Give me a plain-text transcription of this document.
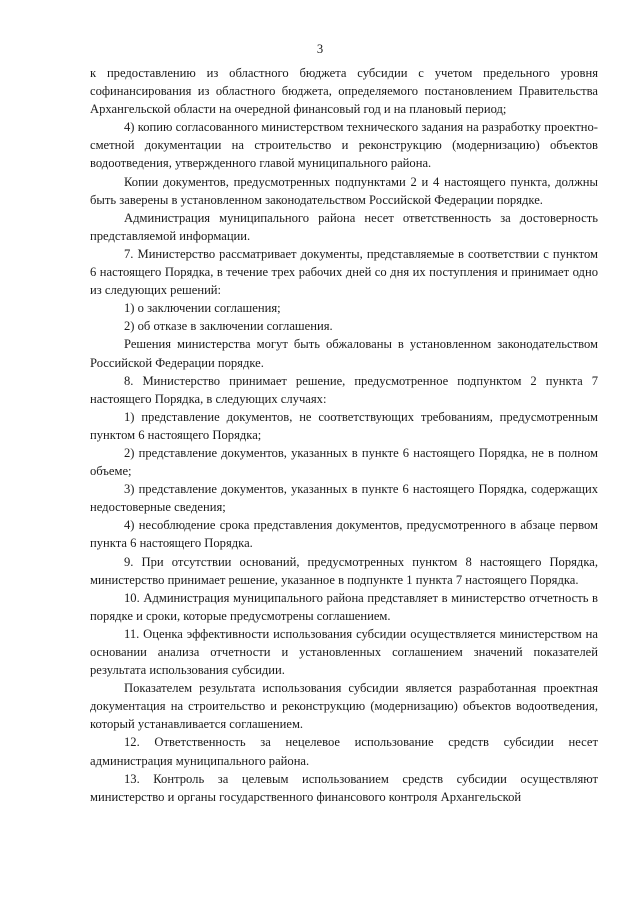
3

к предоставлению из областного бюджета субсидии с учетом предельного уровня софинансирования из областного бюджета, определяемого постановлением Правительства Архангельской области на очередной финансовый год и на плановый период;

4) копию согласованного министерством технического задания на разработку проектно-сметной документации на строительство и реконструкцию (модернизацию) объектов водоотведения, утвержденного главой муниципального района.

Копии документов, предусмотренных подпунктами 2 и 4 настоящего пункта, должны быть заверены в установленном законодательством Российской Федерации порядке.

Администрация муниципального района несет ответственность за достоверность представляемой информации.

7. Министерство рассматривает документы, представляемые в соответствии с пунктом 6 настоящего Порядка, в течение трех рабочих дней со дня их поступления и принимает одно из следующих решений:

1) о заключении соглашения;

2) об отказе в заключении соглашения.

Решения министерства могут быть обжалованы в установленном законодательством Российской Федерации порядке.

8. Министерство принимает решение, предусмотренное подпунктом 2 пункта 7 настоящего Порядка, в следующих случаях:

1) представление документов, не соответствующих требованиям, предусмотренным пунктом 6 настоящего Порядка;

2) представление документов, указанных в пункте 6 настоящего Порядка, не в полном объеме;

3) представление документов, указанных в пункте 6 настоящего Порядка, содержащих недостоверные сведения;

4) несоблюдение срока представления документов, предусмотренного в абзаце первом пункта 6 настоящего Порядка.

9. При отсутствии оснований, предусмотренных пунктом 8 настоящего Порядка, министерство принимает решение, указанное в подпункте 1 пункта 7 настоящего Порядка.

10. Администрация муниципального района представляет в министерство отчетность в порядке и сроки, которые предусмотрены соглашением.

11. Оценка эффективности использования субсидии осуществляется министерством на основании анализа отчетности и установленных соглашением значений показателей результата использования субсидии.

Показателем результата использования субсидии является разработанная проектная документация на строительство и реконструкцию (модернизацию) объектов водоотведения, который устанавливается соглашением.

12. Ответственность за нецелевое использование средств субсидии несет администрация муниципального района.

13. Контроль за целевым использованием средств субсидии осуществляют министерство и органы государственного финансового контроля Архангельской
